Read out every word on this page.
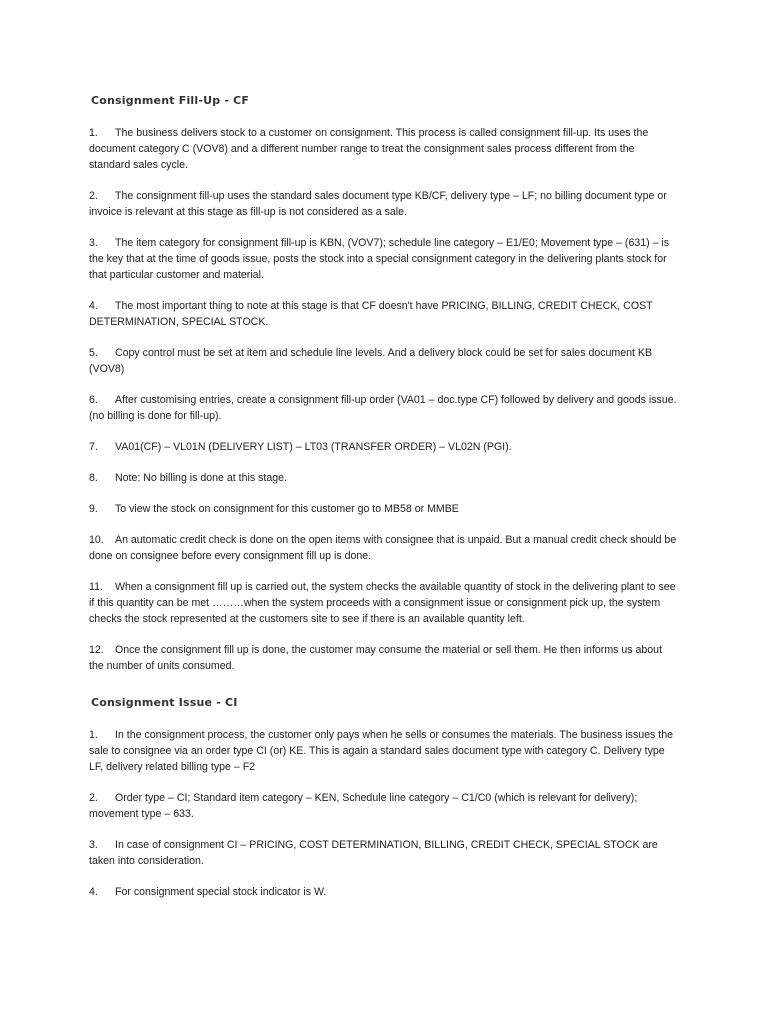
Consignment Fill-Up - CF
1. The business delivers stock to a customer on consignment. This process is called consignment fill-up. Its uses the document category C (VOV8) and a different number range to treat the consignment sales process different from the standard sales cycle.
2. The consignment fill-up uses the standard sales document type KB/CF, delivery type – LF; no billing document type or invoice is relevant at this stage as fill-up is not considered as a sale.
3. The item category for consignment fill-up is KBN, (VOV7); schedule line category – E1/E0; Movement type – (631) – is the key that at the time of goods issue, posts the stock into a special consignment category in the delivering plants stock for that particular customer and material.
4. The most important thing to note at this stage is that CF doesn't have PRICING, BILLING, CREDIT CHECK, COST DETERMINATION, SPECIAL STOCK.
5. Copy control must be set at item and schedule line levels. And a delivery block could be set for sales document KB (VOV8)
6. After customising entries, create a consignment fill-up order (VA01 – doc.type CF) followed by delivery and goods issue. (no billing is done for fill-up).
7. VA01(CF) – VL01N (DELIVERY LIST) – LT03 (TRANSFER ORDER) – VL02N (PGI).
8. Note: No billing is done at this stage.
9. To view the stock on consignment for this customer go to MB58 or MMBE
10. An automatic credit check is done on the open items with consignee that is unpaid. But a manual credit check should be done on consignee before every consignment fill up is done.
11. When a consignment fill up is carried out, the system checks the available quantity of stock in the delivering plant to see if this quantity can be met ………when the system proceeds with a consignment issue or consignment pick up, the system checks the stock represented at the customers site to see if there is an available quantity left.
12. Once the consignment fill up is done, the customer may consume the material or sell them. He then informs us about the number of units consumed.
Consignment Issue - CI
1. In the consignment process, the customer only pays when he sells or consumes the materials. The business issues the sale to consignee via an order type CI (or) KE. This is again a standard sales document type with category C. Delivery type LF, delivery related billing type – F2
2. Order type – CI; Standard item category – KEN, Schedule line category – C1/C0 (which is relevant for delivery); movement type – 633.
3. In case of consignment CI – PRICING, COST DETERMINATION, BILLING, CREDIT CHECK, SPECIAL STOCK are taken into consideration.
4. For consignment special stock indicator is W.
